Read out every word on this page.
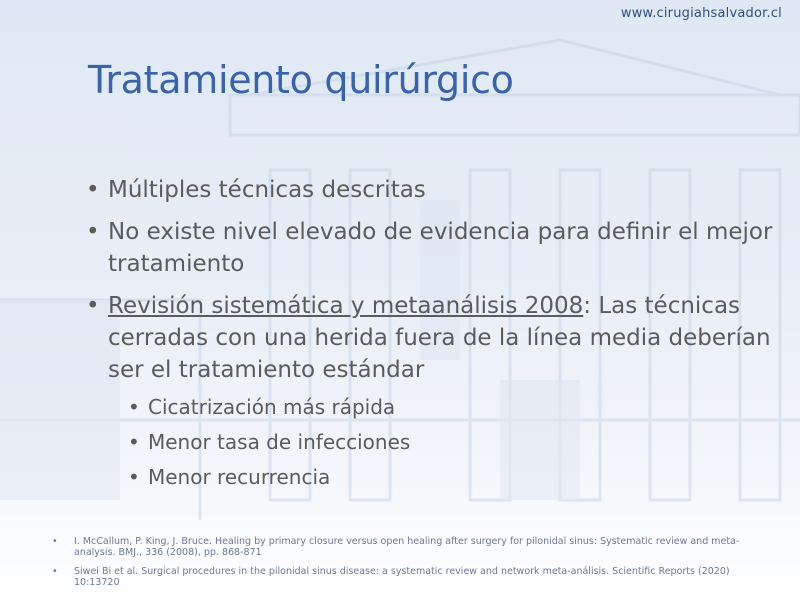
www.cirugiahsalvador.cl
Tratamiento quirúrgico
• Múltiples técnicas descritas
• No existe nivel elevado de evidencia para definir el mejor tratamiento
• Revisión sistemática y metaanálisis 2008: Las técnicas cerradas con una herida fuera de la línea media deberían ser el tratamiento estándar
• Cicatrización más rápida
• Menor tasa de infecciones
• Menor recurrencia
• I. McCallum, P. King, J. Bruce. Healing by primary closure versus open healing after surgery for pilonidal sinus: Systematic review and meta-analysis. BMJ., 336 (2008), pp. 868-871
• Siwei Bi et al. Surgical procedures in the pilonidal sinus disease: a systematic review and network meta-análisis. Scientific Reports (2020) 10:13720
